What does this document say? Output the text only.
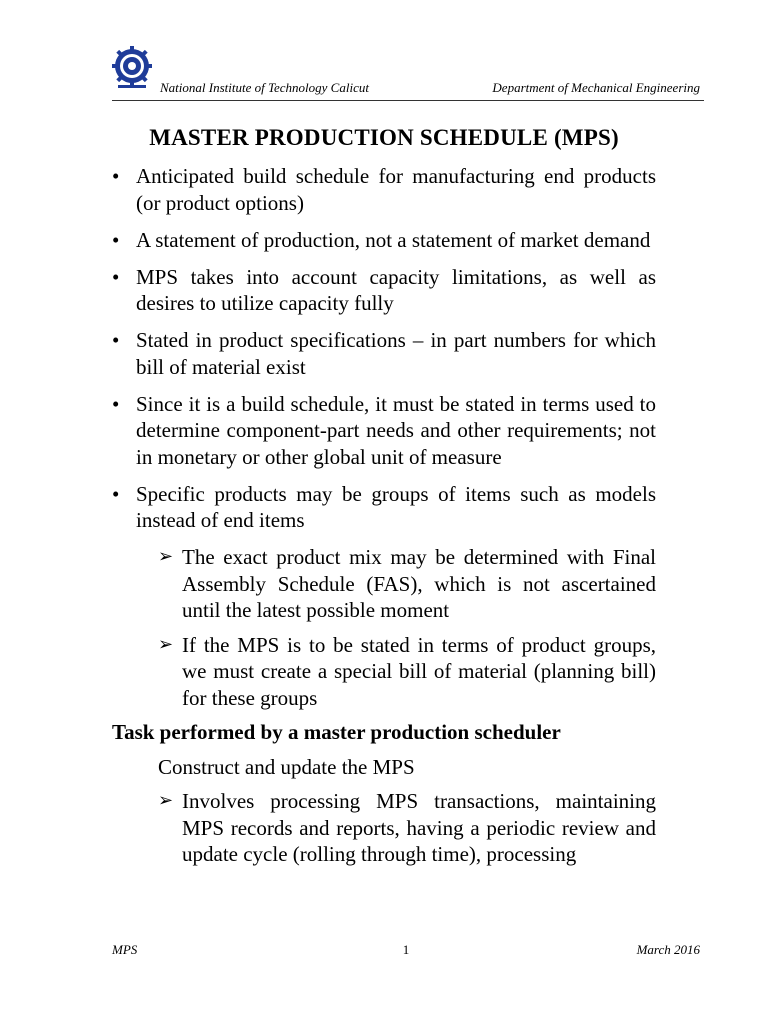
National Institute of Technology Calicut	Department of Mechanical Engineering
MASTER PRODUCTION SCHEDULE (MPS)
• Anticipated build schedule for manufacturing end products (or product options)
• A statement of production, not a statement of market demand
• MPS takes into account capacity limitations, as well as desires to utilize capacity fully
• Stated in product specifications – in part numbers for which bill of material exist
• Since it is a build schedule, it must be stated in terms used to determine component-part needs and other requirements; not in monetary or other global unit of measure
• Specific products may be groups of items such as models instead of end items
➢ The exact product mix may be determined with Final Assembly Schedule (FAS), which is not ascertained until the latest possible moment
➢ If the MPS is to be stated in terms of product groups, we must create a special bill of material (planning bill) for these groups
Task performed by a master production scheduler
Construct and update the MPS
➢ Involves processing MPS transactions, maintaining MPS records and reports, having a periodic review and update cycle (rolling through time), processing
MPS	1	March 2016
